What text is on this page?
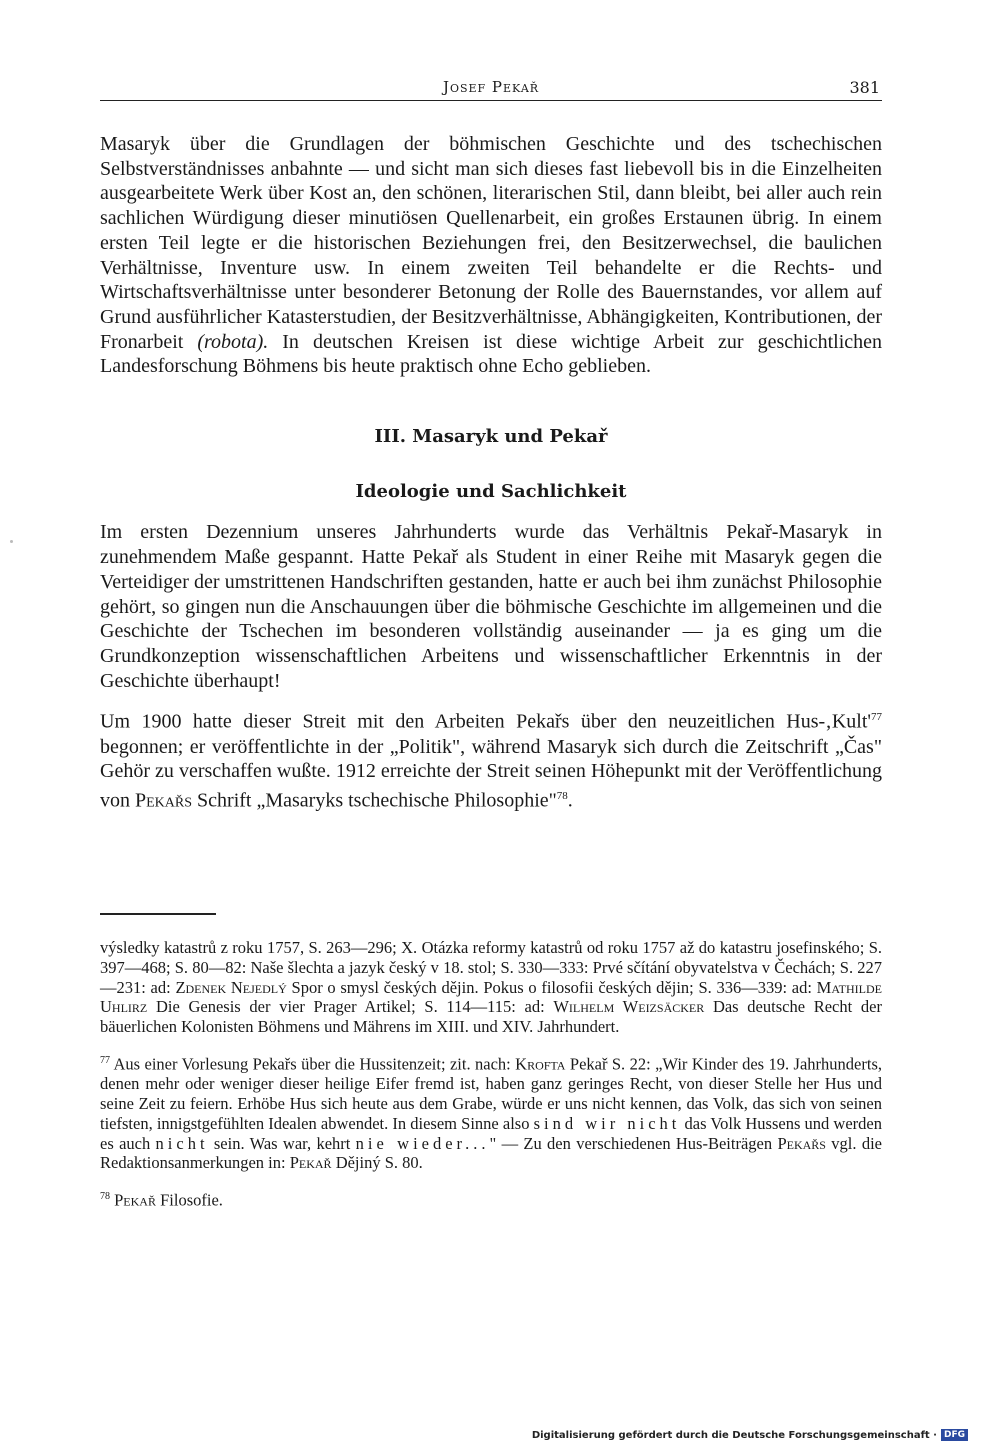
Josef Pekař	381

Masaryk über die Grundlagen der böhmischen Geschichte und des tschechischen Selbstverständnisses anbahnte — und sicht man sich dieses fast liebevoll bis in die Einzelheiten ausgearbeitete Werk über Kost an, den schönen, literarischen Stil, dann bleibt, bei aller auch rein sachlichen Würdigung dieser minutiösen Quellenarbeit, ein großes Erstaunen übrig. In einem ersten Teil legte er die historischen Beziehungen frei, den Besitzerwechsel, die baulichen Verhältnisse, Inventure usw. In einem zweiten Teil behandelte er die Rechts- und Wirtschaftsverhältnisse unter besonderer Betonung der Rolle des Bauernstandes, vor allem auf Grund ausführlicher Katasterstudien, der Besitzverhältnisse, Abhängigkeiten, Kontributionen, der Fronarbeit (robota). In deutschen Kreisen ist diese wichtige Arbeit zur geschichtlichen Landesforschung Böhmens bis heute praktisch ohne Echo geblieben.

III. Masaryk und Pekař
Ideologie und Sachlichkeit

Im ersten Dezennium unseres Jahrhunderts wurde das Verhältnis Pekař-Masaryk in zunehmendem Maße gespannt. Hatte Pekař als Student in einer Reihe mit Masaryk gegen die Verteidiger der umstrittenen Handschriften gestanden, hatte er auch bei ihm zunächst Philosophie gehört, so gingen nun die Anschauungen über die böhmische Geschichte im allgemeinen und die Geschichte der Tschechen im besonderen vollständig auseinander — ja es ging um die Grundkonzeption wissenschaftlichen Arbeitens und wissenschaftlicher Erkenntnis in der Geschichte überhaupt!

Um 1900 hatte dieser Streit mit den Arbeiten Pekařs über den neuzeitlichen Hus-$‚Kult'^{77}$ begonnen; er veröffentlichte in der „Politik", während Masaryk sich durch die Zeitschrift „Čas" Gehör zu verschaffen wußte. 1912 erreichte der Streit seinen Höhepunkt mit der Veröffentlichung von Pekařs Schrift „Masaryks tschechische Philosophie"$^{78}$.

výsledky katastrů z roku 1757, S. 263—296; X. Otázka reformy katastrů od roku 1757 až do katastru josefinského; S. 397—468; S. 80—82: Naše šlechta a jazyk český v 18. stol; S. 330—333: Prvé sčítání obyvatelstva v Čechách; S. 227—231: ad: Zdenek Nejedlý Spor o smysl českých dějin. Pokus o filosofii českých dějin; S. 336—339: ad: Mathilde Uhlirz Die Genesis der vier Prager Artikel; S. 114—115: ad: Wilhelm Weizsäcker Das deutsche Recht der bäuerlichen Kolonisten Böhmens und Mährens im XIII. und XIV. Jahrhundert.

$^{77}$ Aus einer Vorlesung Pekařs über die Hussitenzeit; zit. nach: Krofta Pekař S. 22: „Wir Kinder des 19. Jahrhunderts, denen mehr oder weniger dieser heilige Eifer fremd ist, haben ganz geringes Recht, von dieser Stelle her Hus und seine Zeit zu feiern. Erhöbe Hus sich heute aus dem Grabe, würde er uns nicht kennen, das Volk, das sich von seinen tiefsten, innigstgefühlten Idealen abwendet. In diesem Sinne also sind wir nicht das Volk Hussens und werden es auch nicht sein. Was war, kehrt nie wieder..." — Zu den verschiedenen Hus-Beiträgen Pekařs vgl. die Redaktionsanmerkungen in: Pekař Dějiný S. 80.

$^{78}$ Pekař Filosofie.

Digitalisierung gefördert durch die Deutsche Forschungsgemeinschaft · DFG
